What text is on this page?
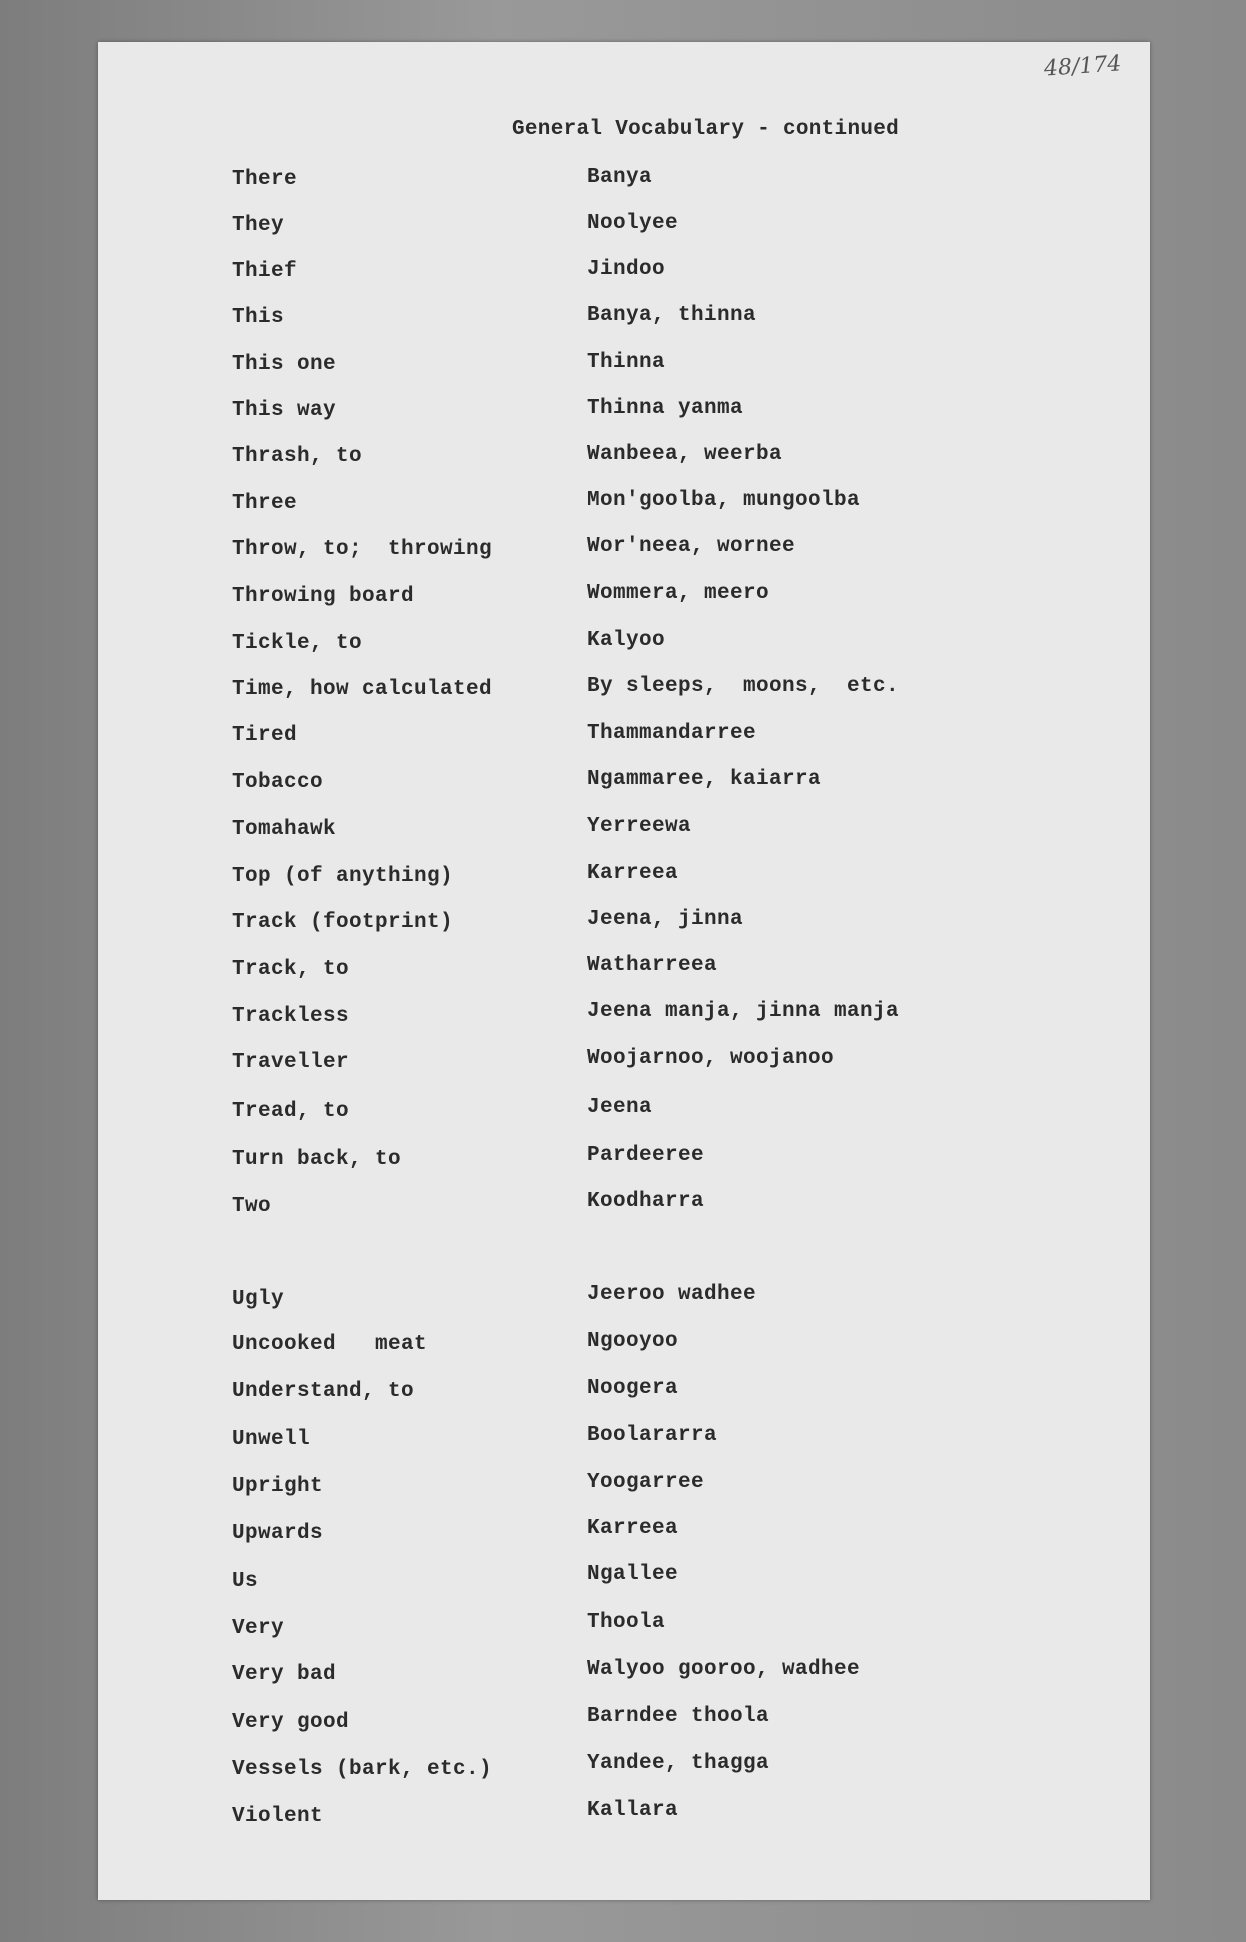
48/174
General Vocabulary - continued
There	Banya
They	Noolyee
Thief	Jindoo
This	Banya, thinna
This one	Thinna
This way	Thinna yanma
Thrash, to	Wanbeea, weerba
Three	Mon'goolba, mungoolba
Throw, to;  throwing	Wor'neea, wornee
Throwing board	Wommera, meero
Tickle, to	Kalyoo
Time, how calculated	By sleeps,  moons,  etc.
Tired	Thammandarree
Tobacco	Ngammaree, kaiarra
Tomahawk	Yerreewa
Top (of anything)	Karreea
Track (footprint)	Jeena, jinna
Track, to	Watharreea
Trackless	Jeena manja, jinna manja
Traveller	Woojarnoo, woojanoo
Tread, to	Jeena
Turn back, to	Pardeeree
Two	Koodharra
Ugly	Jeeroo wadhee
Uncooked   meat	Ngooyoo
Understand, to	Noogera
Unwell	Boolararra
Upright	Yoogarree
Upwards	Karreea
Us	Ngallee
Very	Thoola
Very bad	Walyoo gooroo, wadhee
Very good	Barndee thoola
Vessels (bark, etc.)	Yandee, thagga
Violent	Kallara
